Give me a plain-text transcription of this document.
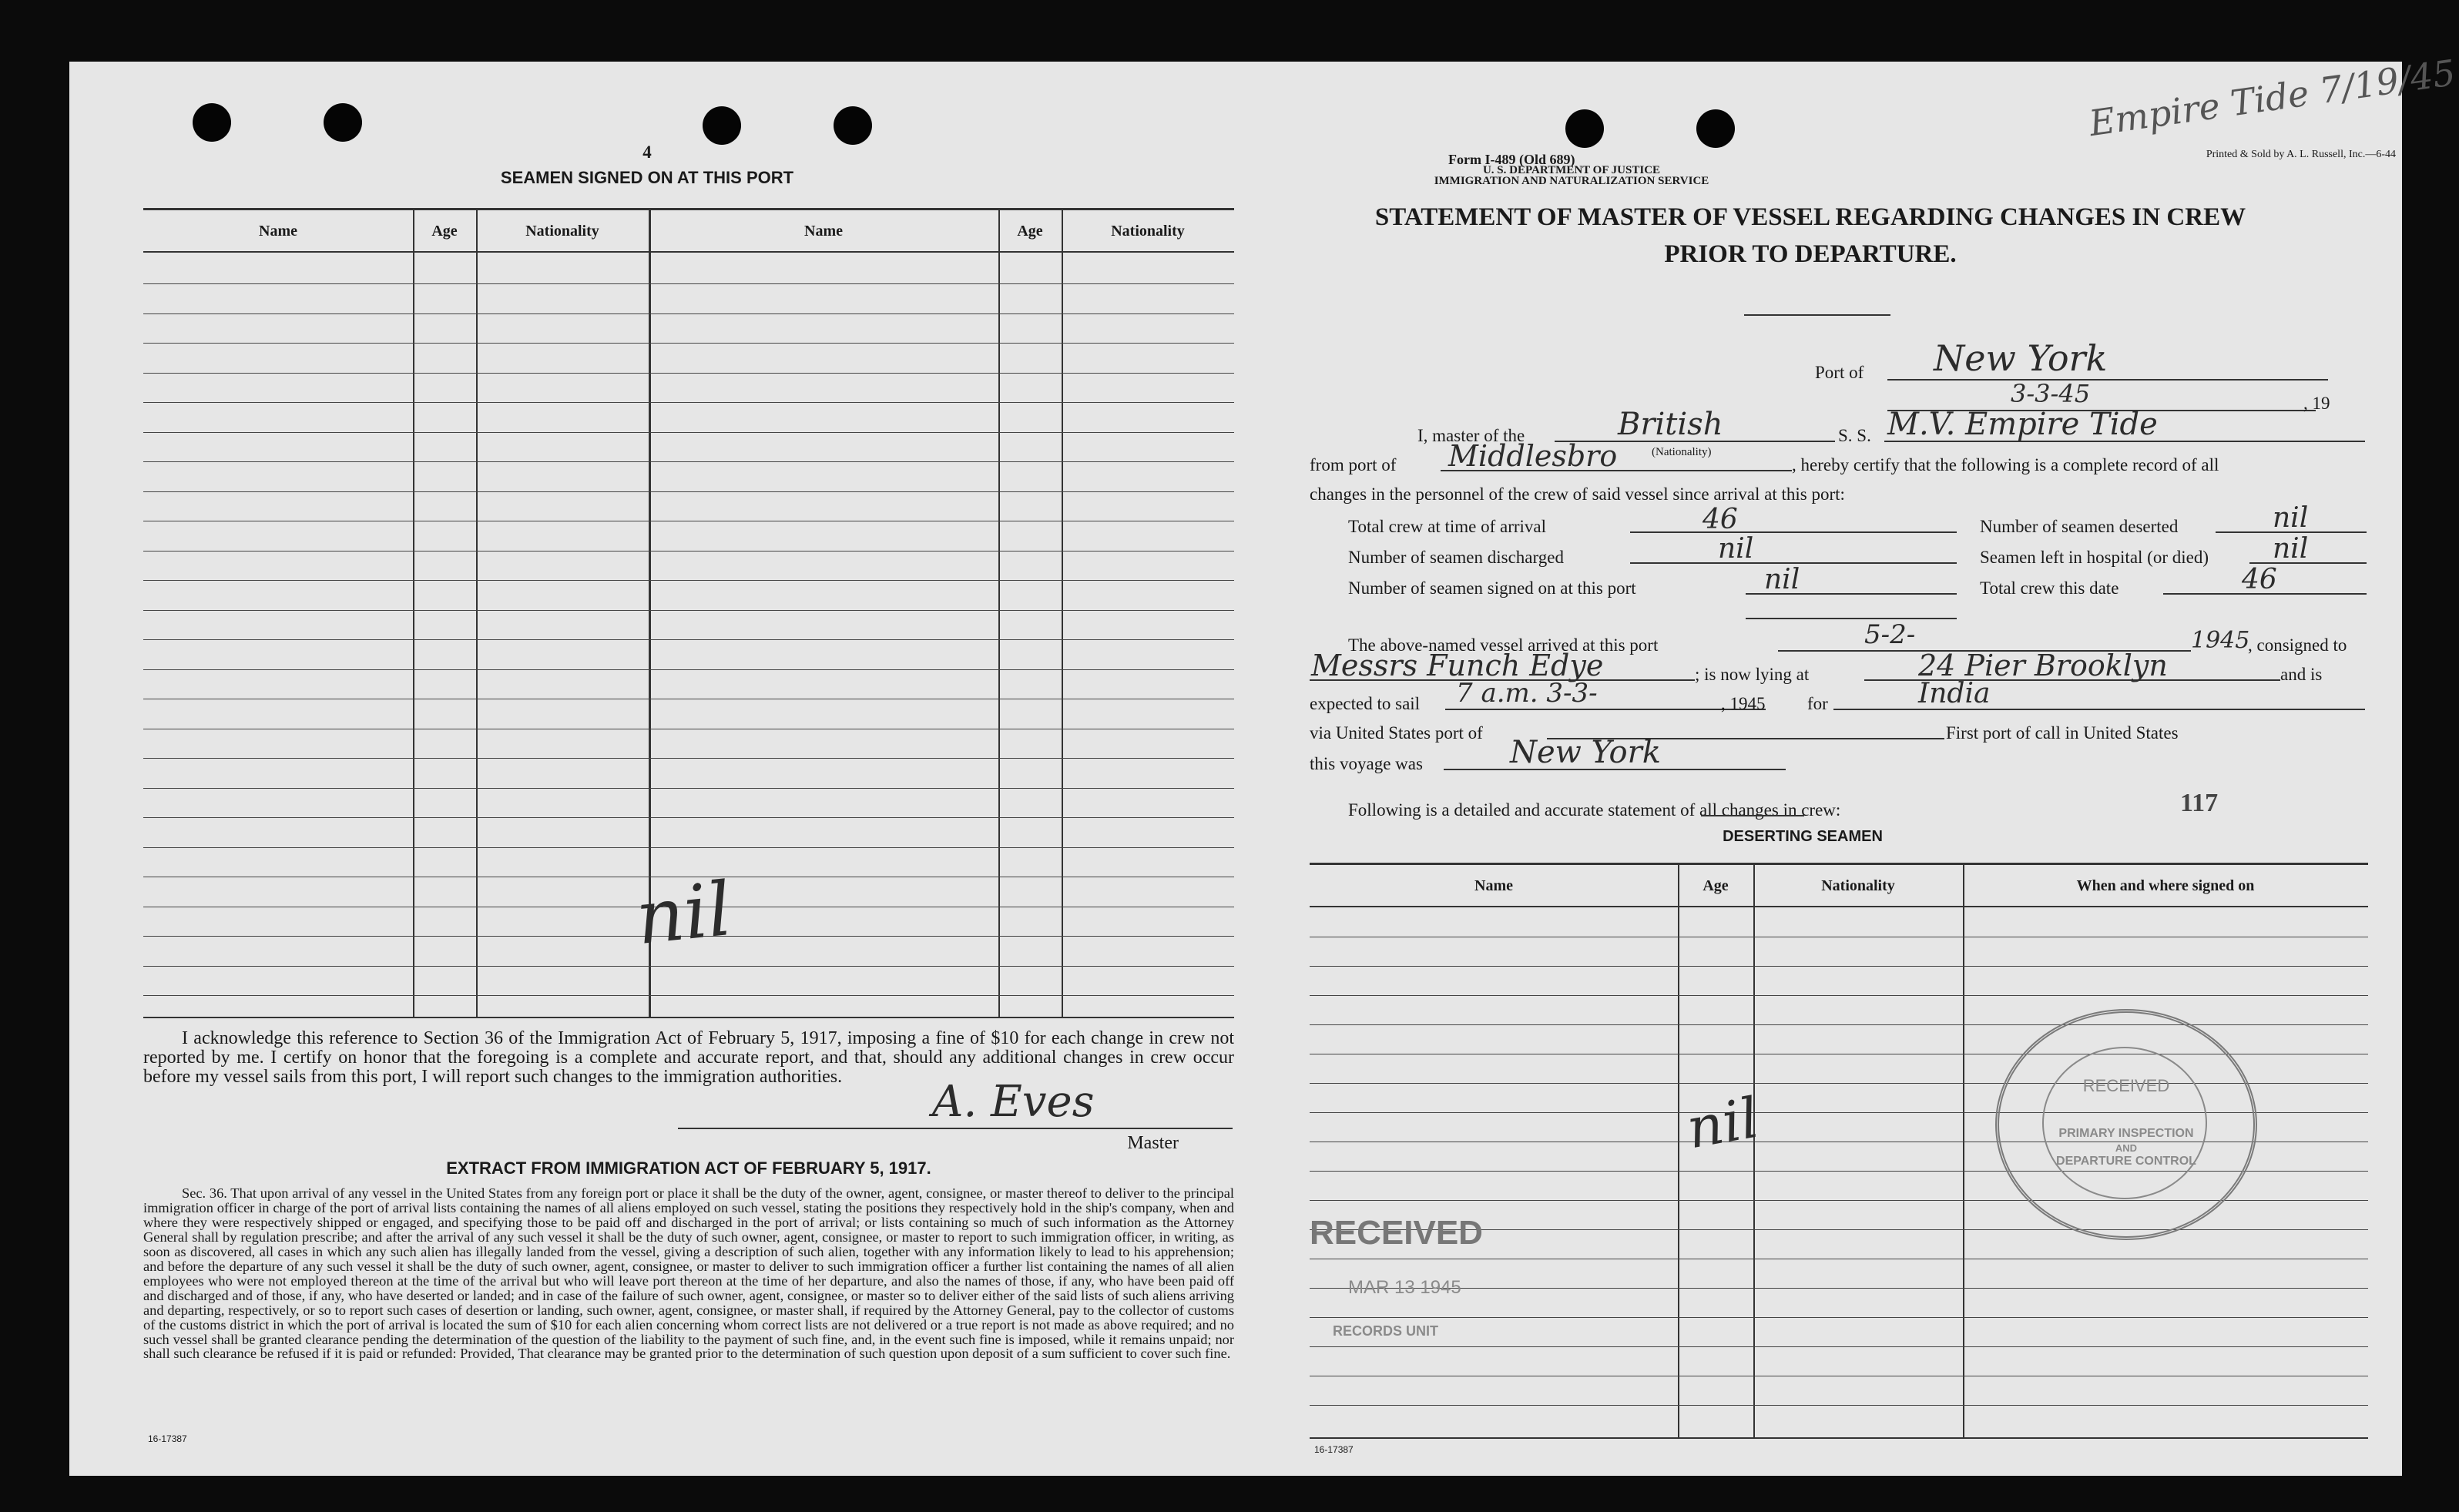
Empire Tide 7/19/45
4
SEAMEN SIGNED ON AT THIS PORT
Name	Age	Nationality	Name	Age	Nationality
nil
I acknowledge this reference to Section 36 of the Immigration Act of February 5, 1917, imposing a fine of $10 for each change in crew not reported by me. I certify on honor that the foregoing is a complete and accurate report, and that, should any additional changes in crew occur before my vessel sails from this port, I will report such changes to the immigration authorities.	A. Eves
Master
EXTRACT FROM IMMIGRATION ACT OF FEBRUARY 5, 1917.
Sec. 36. That upon arrival of any vessel in the United States from any foreign port or place it shall be the duty of the owner, agent, consignee, or master thereof to deliver to the principal immigration officer in charge of the port of arrival lists containing the names of all aliens employed on such vessel, stating the positions they respectively hold in the ship's company, when and where they were respectively shipped or engaged, and specifying those to be paid off and discharged in the port of arrival; or lists containing so much of such information as the Attorney General shall by regulation prescribe; and after the arrival of any such vessel it shall be the duty of such owner, agent, consignee, or master to report to such immigration officer, in writing, as soon as discovered, all cases in which any such alien has illegally landed from the vessel, giving a description of such alien, together with any information likely to lead to his apprehension; and before the departure of any such vessel it shall be the duty of such owner, agent, consignee, or master to deliver to such immigration officer a further list containing the names of all alien employees who were not employed thereon at the time of the arrival but who will leave port thereon at the time of her departure, and also the names of those, if any, who have been paid off and discharged and of those, if any, who have deserted or landed; and in case of the failure of such owner, agent, consignee, or master so to deliver either of the said lists of such aliens arriving and departing, respectively, or so to report such cases of desertion or landing, such owner, agent, consignee, or master shall, if required by the Attorney General, pay to the collector of customs of the customs district in which the port of arrival is located the sum of $10 for each alien concerning whom correct lists are not delivered or a true report is not made as above required; and no such vessel shall be granted clearance pending the determination of the question of the liability to the payment of such fine, and, in the event such fine is imposed, while it remains unpaid; nor shall such clearance be refused if it is paid or refunded: Provided, That clearance may be granted prior to the determination of such question upon deposit of a sum sufficient to cover such fine.
16-17387
Form I-489 (Old 689)
U. S. DEPARTMENT OF JUSTICE
IMMIGRATION AND NATURALIZATION SERVICE
Printed & Sold by A. L. Russell, Inc.—6-44
STATEMENT OF MASTER OF VESSEL REGARDING CHANGES IN CREW
PRIOR TO DEPARTURE.
Port of New York
3-3-45	, 19
I, master of the	British
(Nationality)
S. S. M.V. Empire Tide
from port of Middlesbro	, hereby certify that the following is a complete record of all
changes in the personnel of the crew of said vessel since arrival at this port:
Total crew at time of arrival	46	Number of seamen deserted	nil
Number of seamen discharged	nil	Seamen left in hospital (or died) nil
Number of seamen signed on at this port	nil	Total crew this date	46
The above-named vessel arrived at this port	5-2-	1945
, consigned to
Messrs Funch Edye	; is now lying at	24 Pier Brooklyn	and is
expected to sail 7 a.m. 3-3-	, 1945 for	India
via United States port of	First port of call in United States
this voyage was	New York
Following is a detailed and accurate statement of all changes in crew:	117
DESERTING SEAMEN
Name	Age	Nationality	When and where signed on
nil
RECEIVED
MAR 13 1945
RECORDS UNIT
RECEIVED
PRIMARY INSPECTION
AND
DEPARTURE CONTROL
16-17387
